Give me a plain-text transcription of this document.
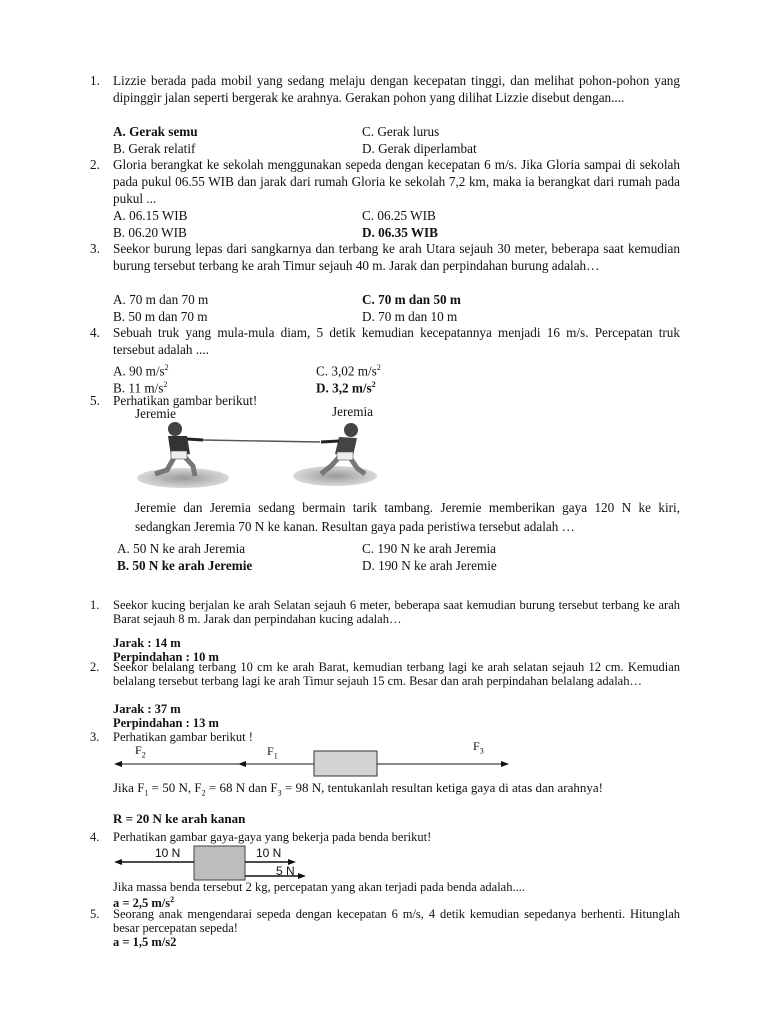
1. Lizzie berada pada mobil yang sedang melaju dengan kecepatan tinggi, dan melihat pohon-pohon yang dipinggir jalan seperti bergerak ke arahnya. Gerakan pohon yang dilihat Lizzie disebut dengan....
A. Gerak semu	C. Gerak lurus
B. Gerak relatif	D. Gerak diperlambat
2. Gloria berangkat ke sekolah menggunakan sepeda dengan kecepatan 6 m/s. Jika Gloria sampai di sekolah pada pukul 06.55 WIB dan jarak dari rumah Gloria ke sekolah 7,2 km, maka ia berangkat dari rumah pada pukul ...
A. 06.15 WIB	C. 06.25 WIB
B. 06.20 WIB	D. 06.35 WIB
3. Seekor burung lepas dari sangkarnya dan terbang ke arah Utara sejauh 30 meter, beberapa saat kemudian burung tersebut terbang ke arah Timur sejauh 40 m. Jarak dan perpindahan burung adalah…
A. 70 m dan 70 m	C. 70 m dan 50 m
B. 50 m dan 70 m	D. 70 m dan 10 m
4. Sebuah truk yang mula-mula diam, 5 detik kemudian kecepatannya menjadi 16 m/s. Percepatan truk tersebut adalah ....
A. 90 $m/s^2$	C. 3,02 $m/s^2$
B. 11 $m/s^2$	D. 3,2 $m/s^2$
5. Perhatikan gambar berikut!
Jeremie	Jeremia
Jeremie dan Jeremia sedang bermain tarik tambang. Jeremie memberikan gaya 120 N ke kiri, sedangkan Jeremia 70 N ke kanan. Resultan gaya pada peristiwa tersebut adalah …
A. 50 N ke arah Jeremia	C. 190 N ke arah Jeremia
B. 50 N ke arah Jeremie	D. 190 N ke arah Jeremie
1. Seekor kucing berjalan ke arah Selatan sejauh 6 meter, beberapa saat kemudian burung tersebut terbang ke arah Barat sejauh 8 m. Jarak dan perpindahan kucing adalah…
Jarak : 14 m
Perpindahan : 10 m
2. Seekor belalang terbang 10 cm ke arah Barat, kemudian terbang lagi ke arah selatan sejauh 12 cm. Kemudian belalang tersebut terbang lagi ke arah Timur sejauh 15 cm. Besar dan arah perpindahan belalang adalah…
Jarak : 37 m
Perpindahan : 13 m
3. Perhatikan gambar berikut !
$F_2$	$F_1$
$F_3$
Jika $F_1 = 50$ N, $F_2 = 68$ N dan $F_3 = 98$ N, tentukanlah resultan ketiga gaya di atas dan arahnya!
R = 20 N ke arah kanan
4. Perhatikan gambar gaya-gaya yang bekerja pada benda berikut!
10 N	10 N
5 N
Jika massa benda tersebut 2 kg, percepatan yang akan terjadi pada benda adalah....
a = 2,5 $m/s^2$
5. Seorang anak mengendarai sepeda dengan kecepatan 6 m/s, 4 detik kemudian sepedanya berhenti. Hitunglah besar percepatan sepeda!
a = 1,5 m/s2
